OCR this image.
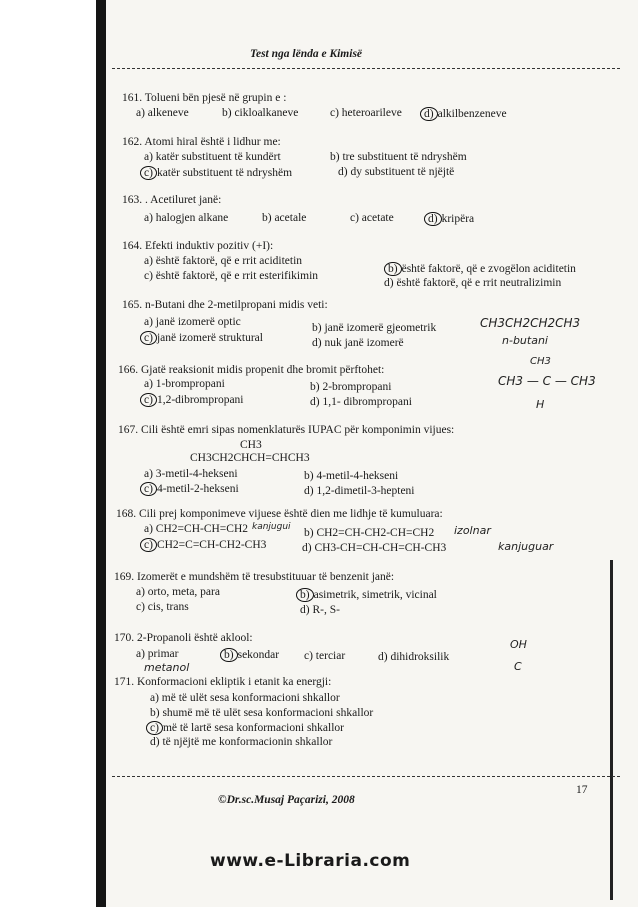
Test nga lënda e Kimisë
161. Tolueni bën pjesë në grupin e :
a) alkeneve	b) cikloalkaneve	c) heteroarileve	d) alkilbenzeneve
162. Atomi hiral është i lidhur me:
a) katër substituent të kundërt	b) tre substituent të ndryshëm
c) katër substituent të ndryshëm	d) dy substituent të njëjtë
163. . Acetiluret janë:
a) halogjen alkane	b) acetale	c) acetate	d) kripëra
164. Efekti induktiv pozitiv (+I):
a) është faktorë, që e rrit aciditetin
b) është faktorë, që e zvogëlon aciditetin
c) është faktorë, që e rrit esterifikimin
d) është faktorë, që e rrit neutralizimin
165. n-Butani dhe 2-metilpropani midis veti:
a) janë izomerë optic	b) janë izomerë gjeometrik
c) janë izomerë struktural	d) nuk janë izomerë
166. Gjatë reaksionit midis propenit dhe bromit përftohet:
a) 1-brompropani	b) 2-brompropani
c) 1,2-dibrompropani	d) 1,1- dibrompropani
167. Cili është emri sipas nomenklaturës IUPAC për komponimin vijues:
CH3
CH3CH2CHCH=CHCH3
a) 3-metil-4-hekseni	b) 4-metil-4-hekseni
c) 4-metil-2-hekseni	d) 1,2-dimetil-3-hepteni
168. Cili prej komponimeve vijuese është dien me lidhje të kumuluara:
a) CH2=CH-CH=CH2	b) CH2=CH-CH2-CH=CH2
c) CH2=C=CH-CH2-CH3	d) CH3-CH=CH-CH=CH-CH3
169. Izomerët e mundshëm të tresubstituuar të benzenit janë:
a) orto, meta, para	b) asimetrik, simetrik, vicinal
c) cis, trans	d) R-, S-
170. 2-Propanoli është aklool:
a) primar	b) sekondar c) terciar	d) dihidroksilik
171. Konformacioni ekliptik i etanit ka energji:
a) më të ulët sesa konformacioni shkallor
b) shumë më të ulët sesa konformacioni shkallor
c) më të lartë sesa konformacioni shkallor
d) të njëjtë me konformacionin shkallor
CH3CH2CH2CH3
n-butani
CH3
CH3 — C — CH3
H
kanjugui	izolnar
kanjuguar
OH
C
metanol
©Dr.sc.Musaj Paçarizi, 2008
17
www.e-Libraria.com
